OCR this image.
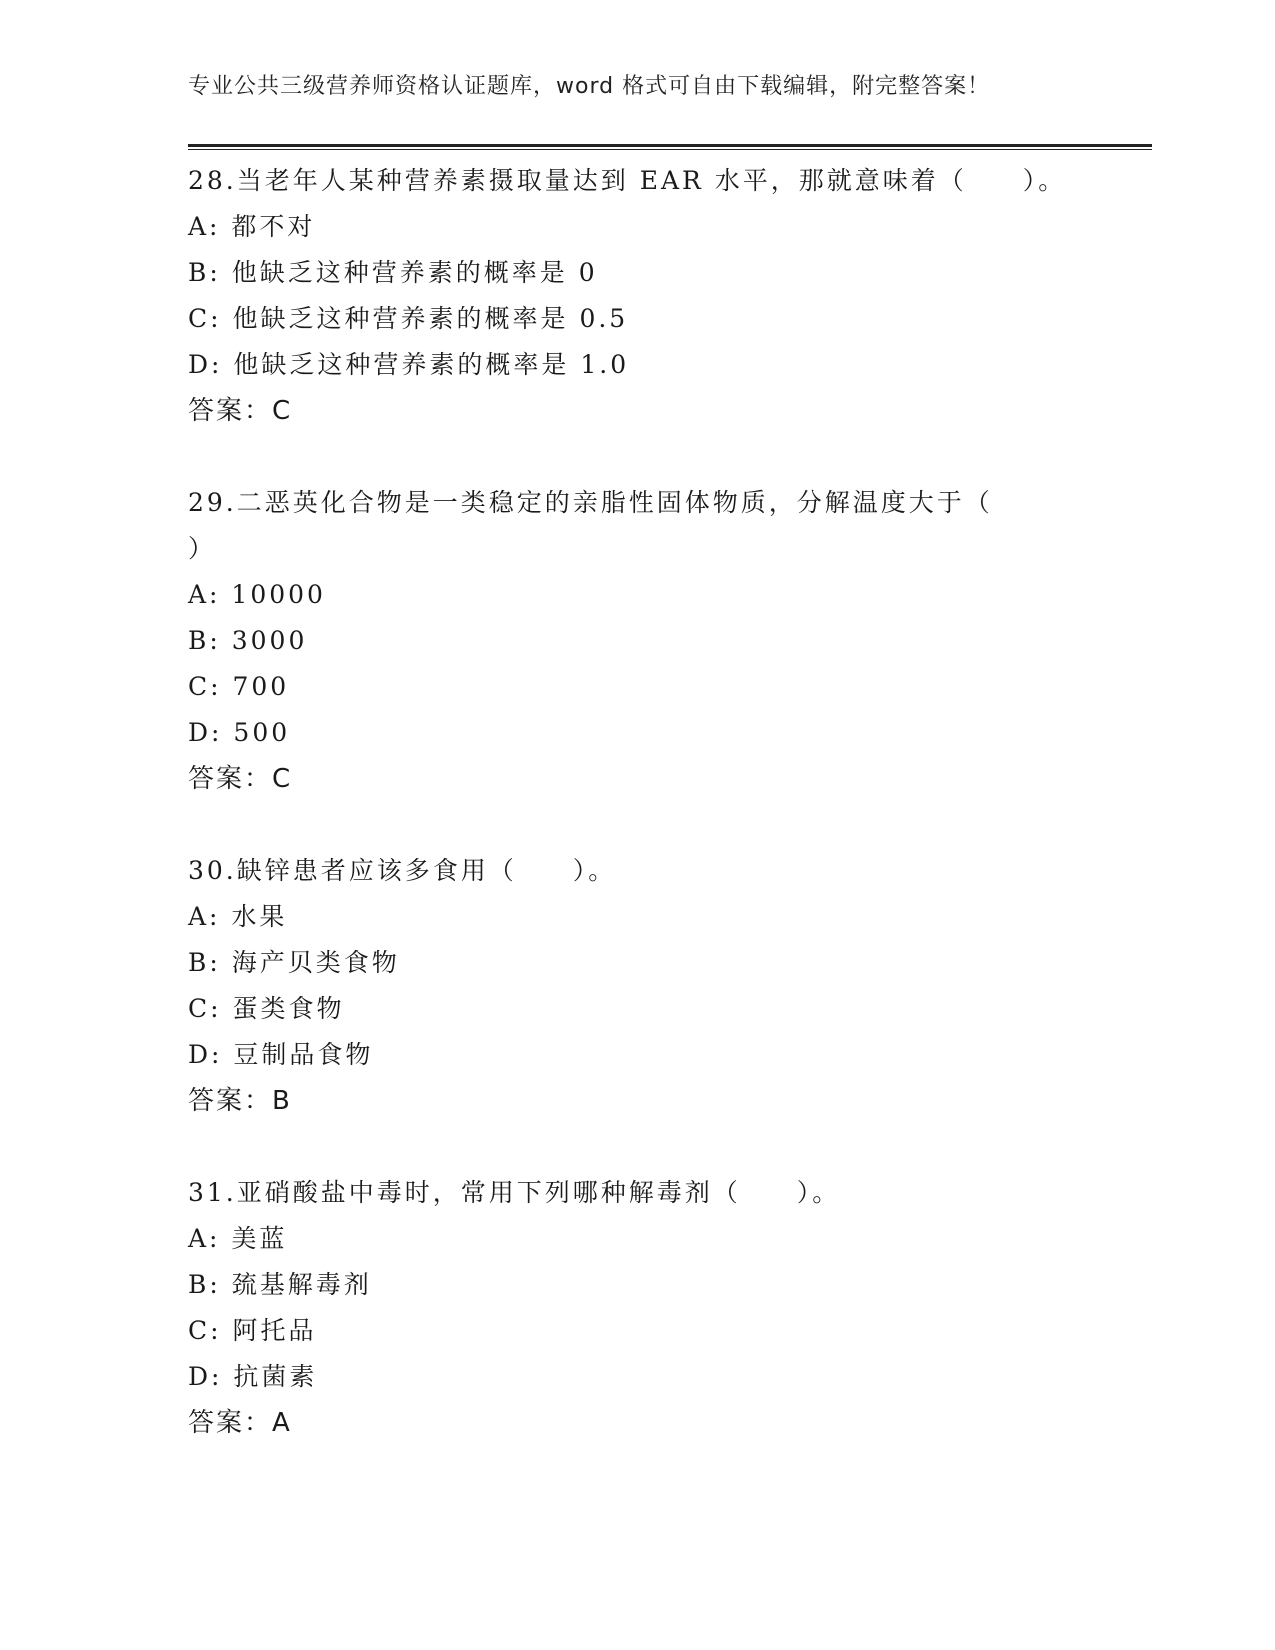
专业公共三级营养师资格认证题库，word 格式可自由下载编辑，附完整答案！
28.当老年人某种营养素摄取量达到 EAR 水平，那就意味着（　　）。
A: 都不对
B: 他缺乏这种营养素的概率是 0
C: 他缺乏这种营养素的概率是 0.5
D: 他缺乏这种营养素的概率是 1.0
答案：C
29.二恶英化合物是一类稳定的亲脂性固体物质，分解温度大于（ ）
A: 10000
B: 3000
C: 700
D: 500
答案：C
30.缺锌患者应该多食用（　　）。
A: 水果
B: 海产贝类食物
C: 蛋类食物
D: 豆制品食物
答案：B
31.亚硝酸盐中毒时，常用下列哪种解毒剂（　　）。
A: 美蓝
B: 巯基解毒剂
C: 阿托品
D: 抗菌素
答案：A
